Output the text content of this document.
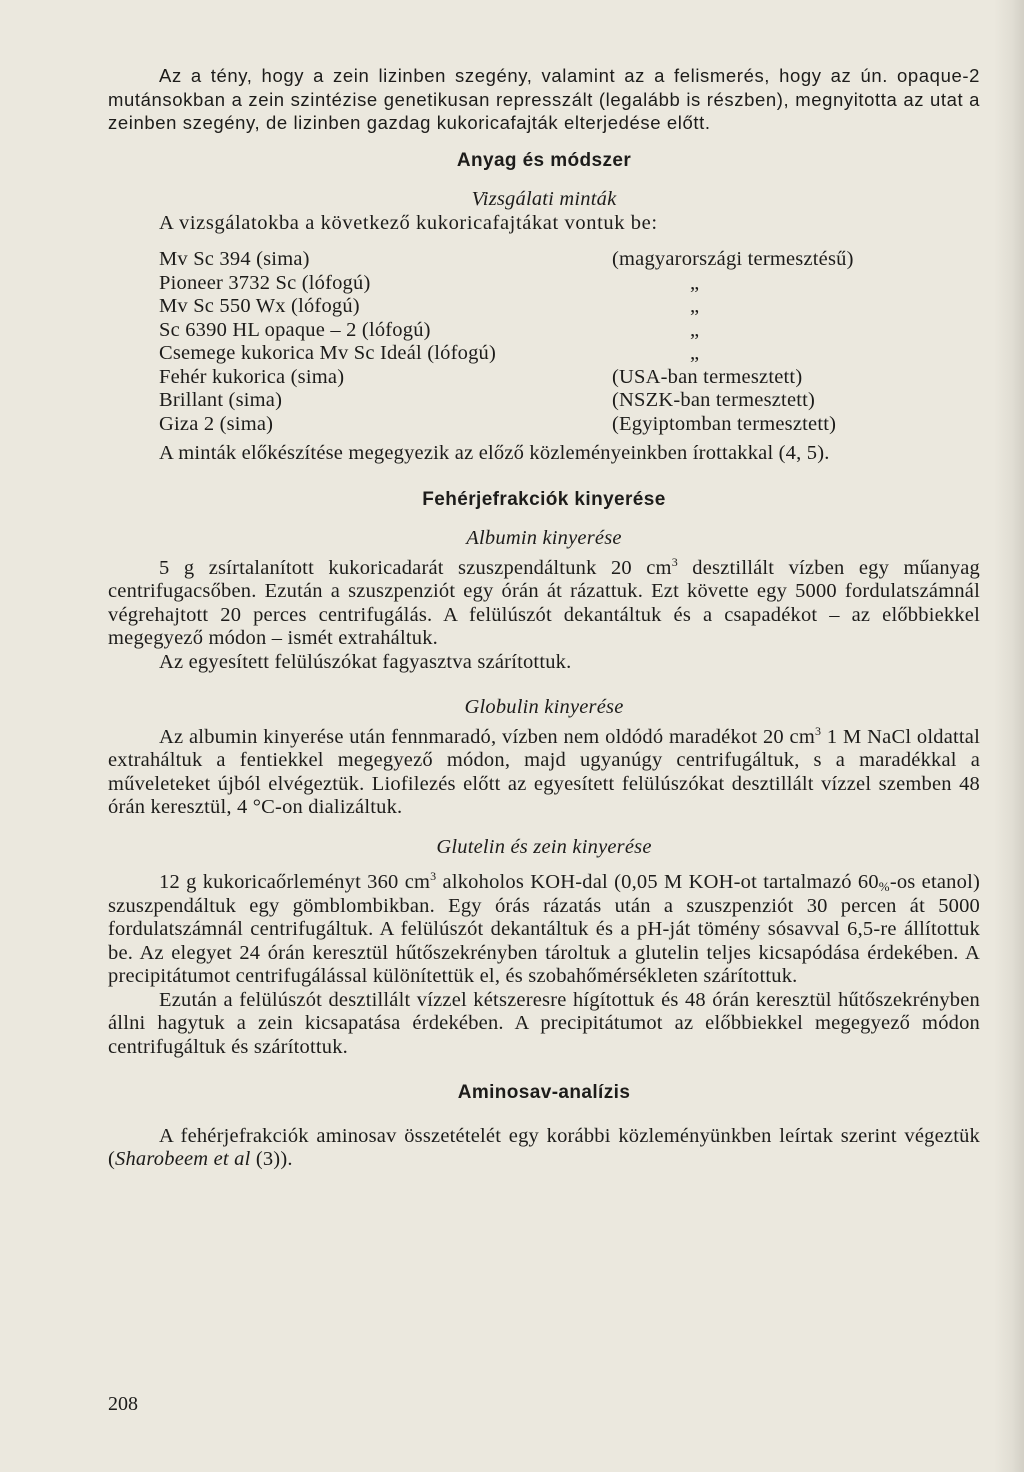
Az a tény, hogy a zein lizinben szegény, valamint az a felismerés, hogy az ún. opaque-2 mutánsokban a zein szintézise genetikusan represszált (legalább is részben), megnyitotta az utat a zeinben szegény, de lizinben gazdag kukoricafajták elterjedése előtt.

Anyag és módszer

Vizsgálati minták

A vizsgálatokba a következő kukoricafajtákat vontuk be:

Mv Sc 394 (sima)	(magyarországi termesztésű)
Pioneer 3732 Sc (lófogú)	„
Mv Sc 550 Wx (lófogú)	„
Sc 6390 HL opaque – 2 (lófogú)	„
Csemege kukorica Mv Sc Ideál (lófogú)	„
Fehér kukorica (sima)	(USA-ban termesztett)
Brillant (sima)	(NSZK-ban termesztett)
Giza 2 (sima)	(Egyiptomban termesztett)

A minták előkészítése megegyezik az előző közleményeinkben írottakkal (4, 5).

Fehérjefrakciók kinyerése

Albumin kinyerése

5 g zsírtalanított kukoricadarát szuszpendáltunk 20 $cm^3$ desztillált vízben egy műanyag centrifugacsőben. Ezután a szuszpenziót egy órán át rázattuk. Ezt követte egy 5000 fordulatszámnál végrehajtott 20 perces centrifugálás. A felülúszót dekantáltuk és a csapadékot – az előbbiekkel megegyező módon – ismét extraháltuk.

Az egyesített felülúszókat fagyasztva szárítottuk.

Globulin kinyerése

Az albumin kinyerése után fennmaradó, vízben nem oldódó maradékot 20 $cm^3$ 1 M NaCl oldattal extraháltuk a fentiekkel megegyező módon, majd ugyanúgy centrifugáltuk, s a maradékkal a műveleteket újból elvégeztük. Liofilezés előtt az egyesített felülúszókat desztillált vízzel szemben 48 órán keresztül, 4 °C-on dializáltuk.

Glutelin és zein kinyerése

12 g kukoricaőrleményt 360 $cm^3$ alkoholos KOH-dal (0,05 M KOH-ot tartalmazó $60_{\%}-os$ etanol) szuszpendáltuk egy gömblombikban. Egy órás rázatás után a szuszpenziót 30 percen át 5000 fordulatszámnál centrifugáltuk. A felülúszót dekantáltuk és a pH-ját tömény sósavval 6,5-re állítottuk be. Az elegyet 24 órán keresztül hűtőszekrényben tároltuk a glutelin teljes kicsapódása érdekében. A precipitátumot centrifugálással különítettük el, és szobahőmérsékleten szárítottuk.

Ezután a felülúszót desztillált vízzel kétszeresre hígítottuk és 48 órán keresztül hűtőszekrényben állni hagytuk a zein kicsapatása érdekében. A precipitátumot az előbbiekkel megegyező módon centrifugáltuk és szárítottuk.

Aminosav-analízis

A fehérjefrakciók aminosav összetételét egy korábbi közleményünkben leírtak szerint végeztük (Sharobeem et al (3)).

208
